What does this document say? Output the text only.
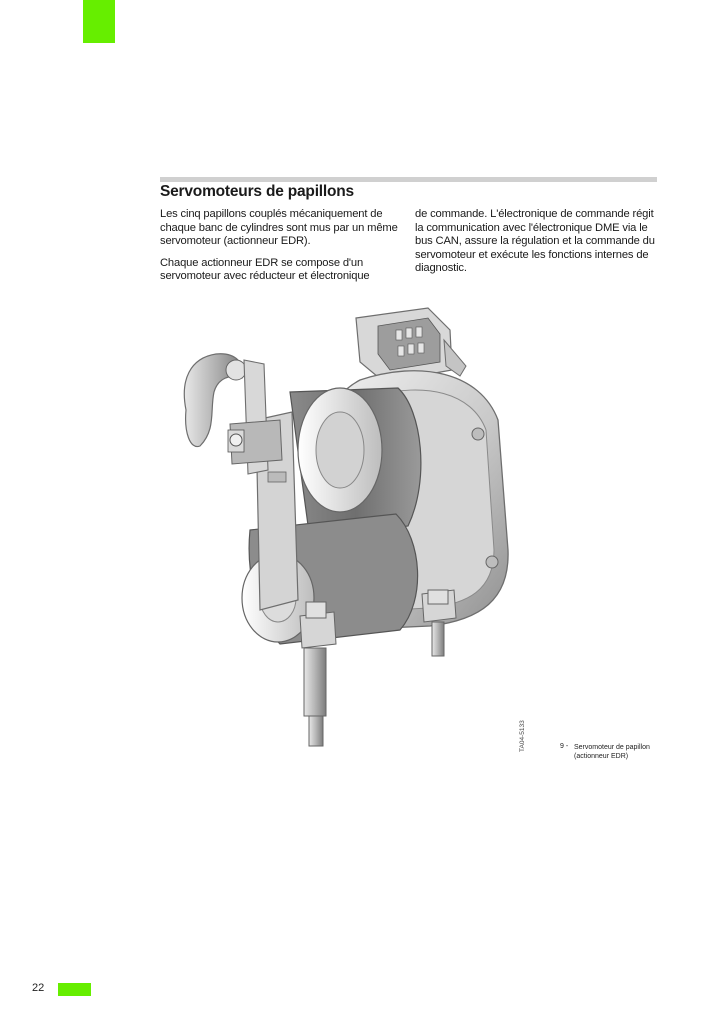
Servomoteurs de papillons

Les cinq papillons couplés mécaniquement de chaque banc de cylindres sont mus par un même servomoteur (actionneur EDR).

Chaque actionneur EDR se compose d'un servomoteur avec réducteur et électronique

de commande. L'électronique de commande régit la communication avec l'électronique DME via le bus CAN, assure la régulation et la commande du servomoteur et exécute les fonctions internes de diagnostic.

TA04-5133	9 - Servomoteur de papillon (actionneur EDR)
22
